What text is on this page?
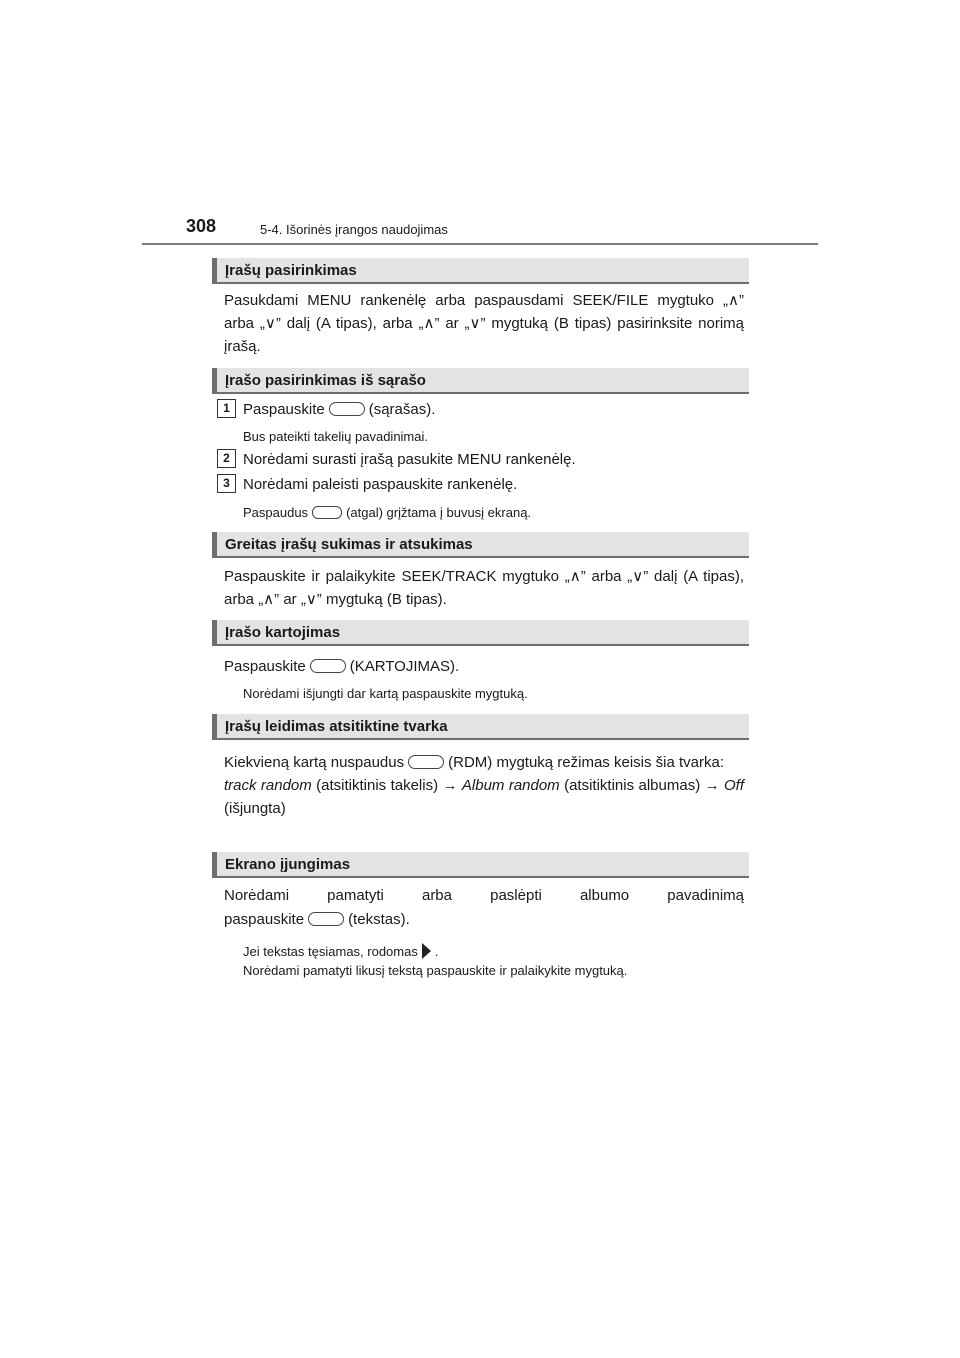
308	5-4. Išorinės įrangos naudojimas
Įrašų pasirinkimas
Pasukdami MENU rankenėlę arba paspausdami SEEK/FILE mygtuko „∧” arba „∨” dalį (A tipas), arba „∧” ar „∨” mygtuką (B tipas) pasirinksite norimą įrašą.
Įrašo pasirinkimas iš sąrašo
1 Paspauskite	(sąrašas).
Bus pateikti takelių pavadinimai.
2 Norėdami surasti įrašą pasukite MENU rankenėlę.
3 Norėdami paleisti paspauskite rankenėlę.
Paspaudus	(atgal) grįžtama į buvusį ekraną.
Greitas įrašų sukimas ir atsukimas
Paspauskite ir palaikykite SEEK/TRACK mygtuko „∧” arba „∨” dalį (A tipas), arba „∧” ar „∨” mygtuką (B tipas).
Įrašo kartojimas
Paspauskite	(KARTOJIMAS).
Norėdami išjungti dar kartą paspauskite mygtuką.
Įrašų leidimas atsitiktine tvarka
Kiekvieną kartą nuspaudus	(RDM) mygtuką režimas keisis šia tvarka:
track random (atsitiktinis takelis) → Album random (atsitiktinis albumas) → Off (išjungta)
Ekrano įjungimas
Norėdami pamatyti arba paslėpti albumo pavadinimą
paspauskite	(tekstas).
Jei tekstas tęsiamas, rodomas .
Norėdami pamatyti likusį tekstą paspauskite ir palaikykite mygtuką.
